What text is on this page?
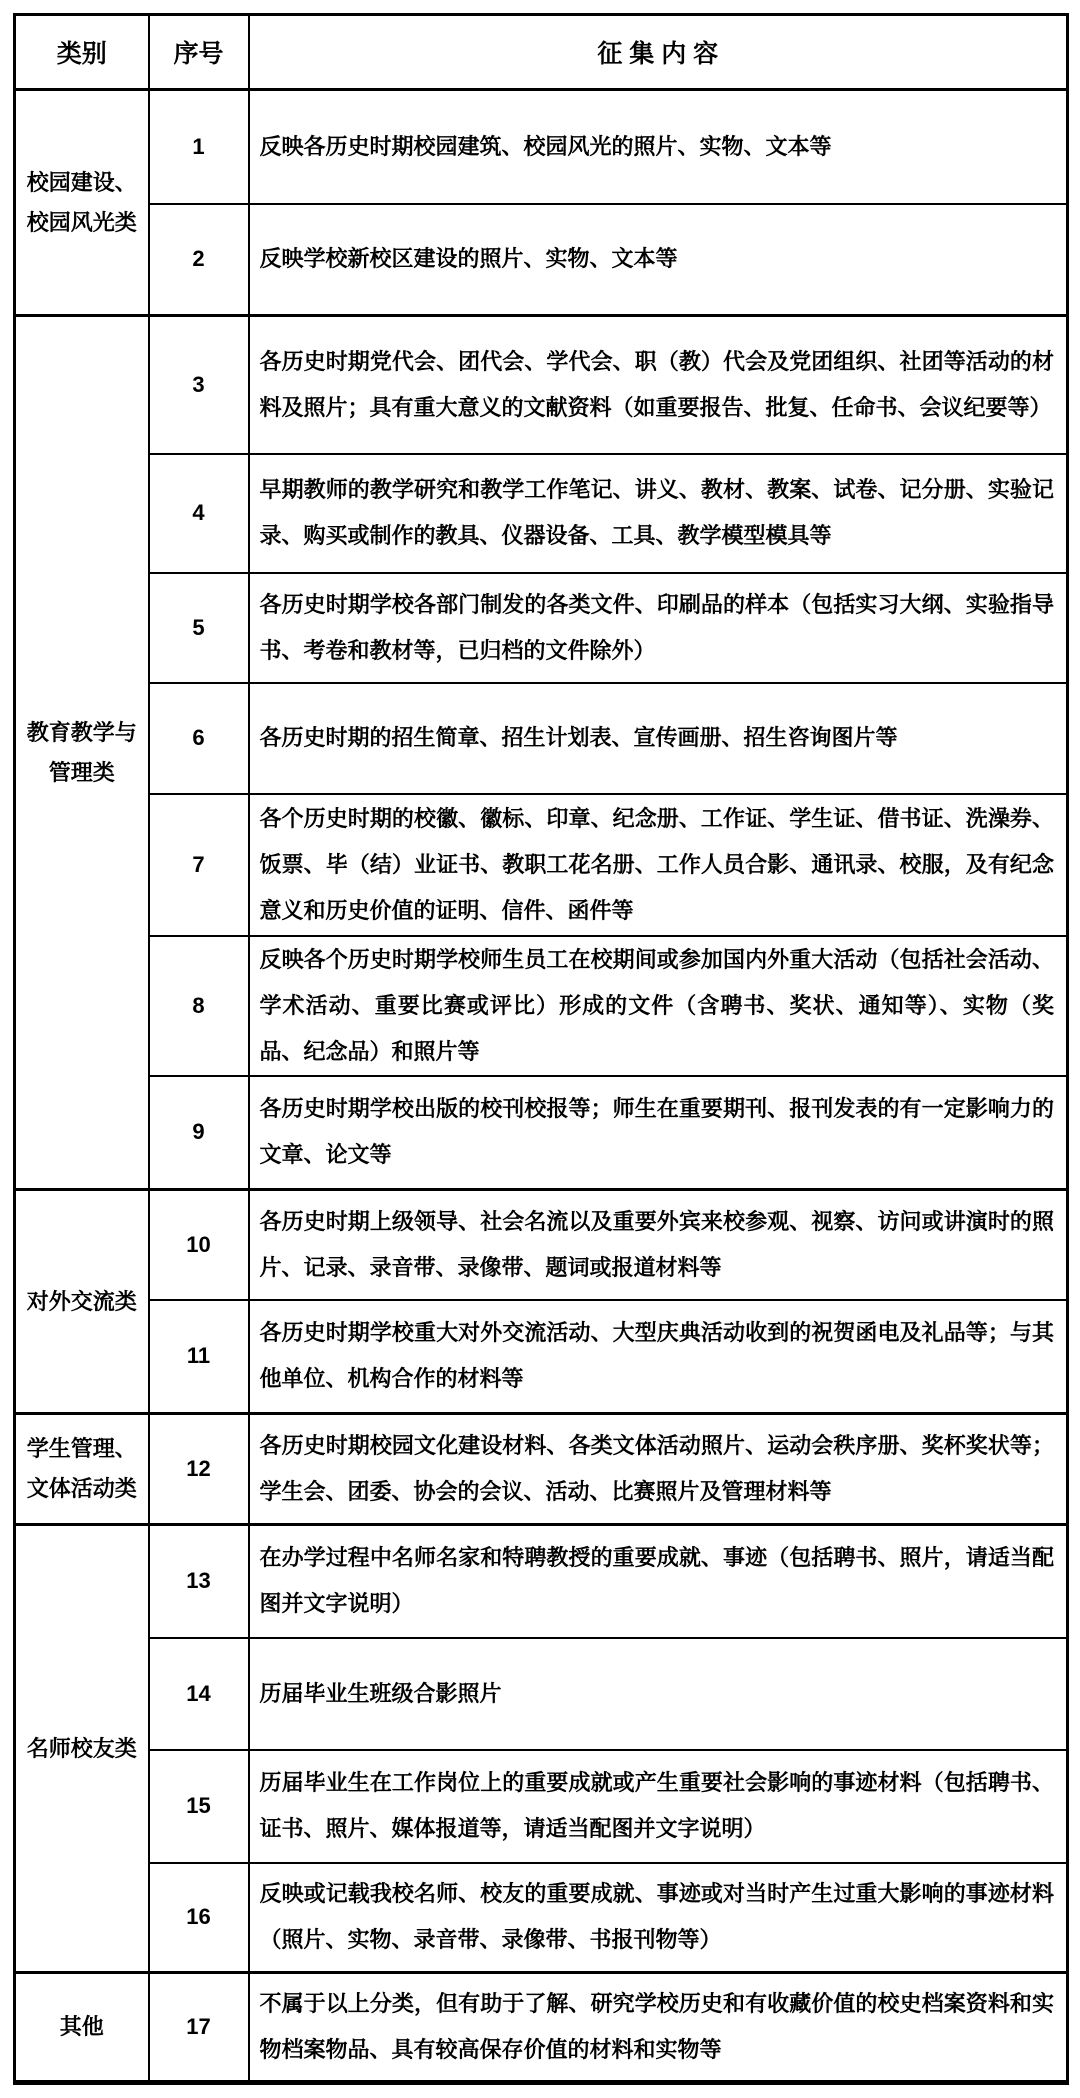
类别	序号	征 集 内 容
校园建设、校园风光类	1	反映各历史时期校园建筑、校园风光的照片、实物、文本等
	2	反映学校新校区建设的照片、实物、文本等
教育教学与管理类	3	各历史时期党代会、团代会、学代会、职（教）代会及党团组织、社团等活动的材料及照片；具有重大意义的文献资料（如重要报告、批复、任命书、会议纪要等）
	4	早期教师的教学研究和教学工作笔记、讲义、教材、教案、试卷、记分册、实验记录、购买或制作的教具、仪器设备、工具、教学模型模具等
	5	各历史时期学校各部门制发的各类文件、印刷品的样本（包括实习大纲、实验指导书、考卷和教材等，已归档的文件除外）
	6	各历史时期的招生简章、招生计划表、宣传画册、招生咨询图片等
	7	各个历史时期的校徽、徽标、印章、纪念册、工作证、学生证、借书证、洗澡券、饭票、毕（结）业证书、教职工花名册、工作人员合影、通讯录、校服，及有纪念意义和历史价值的证明、信件、函件等
	8	反映各个历史时期学校师生员工在校期间或参加国内外重大活动（包括社会活动、学术活动、重要比赛或评比）形成的文件（含聘书、奖状、通知等）、实物（奖品、纪念品）和照片等
	9	各历史时期学校出版的校刊校报等；师生在重要期刊、报刊发表的有一定影响力的文章、论文等
对外交流类	10	各历史时期上级领导、社会名流以及重要外宾来校参观、视察、访问或讲演时的照片、记录、录音带、录像带、题词或报道材料等
	11	各历史时期学校重大对外交流活动、大型庆典活动收到的祝贺函电及礼品等；与其他单位、机构合作的材料等
学生管理、文体活动类	12	各历史时期校园文化建设材料、各类文体活动照片、运动会秩序册、奖杯奖状等；学生会、团委、协会的会议、活动、比赛照片及管理材料等
名师校友类	13	在办学过程中名师名家和特聘教授的重要成就、事迹（包括聘书、照片，请适当配图并文字说明）
	14	历届毕业生班级合影照片
	15	历届毕业生在工作岗位上的重要成就或产生重要社会影响的事迹材料（包括聘书、证书、照片、媒体报道等，请适当配图并文字说明）
	16	反映或记载我校名师、校友的重要成就、事迹或对当时产生过重大影响的事迹材料（照片、实物、录音带、录像带、书报刊物等）
其他	17	不属于以上分类，但有助于了解、研究学校历史和有收藏价值的校史档案资料和实物档案物品、具有较高保存价值的材料和实物等
